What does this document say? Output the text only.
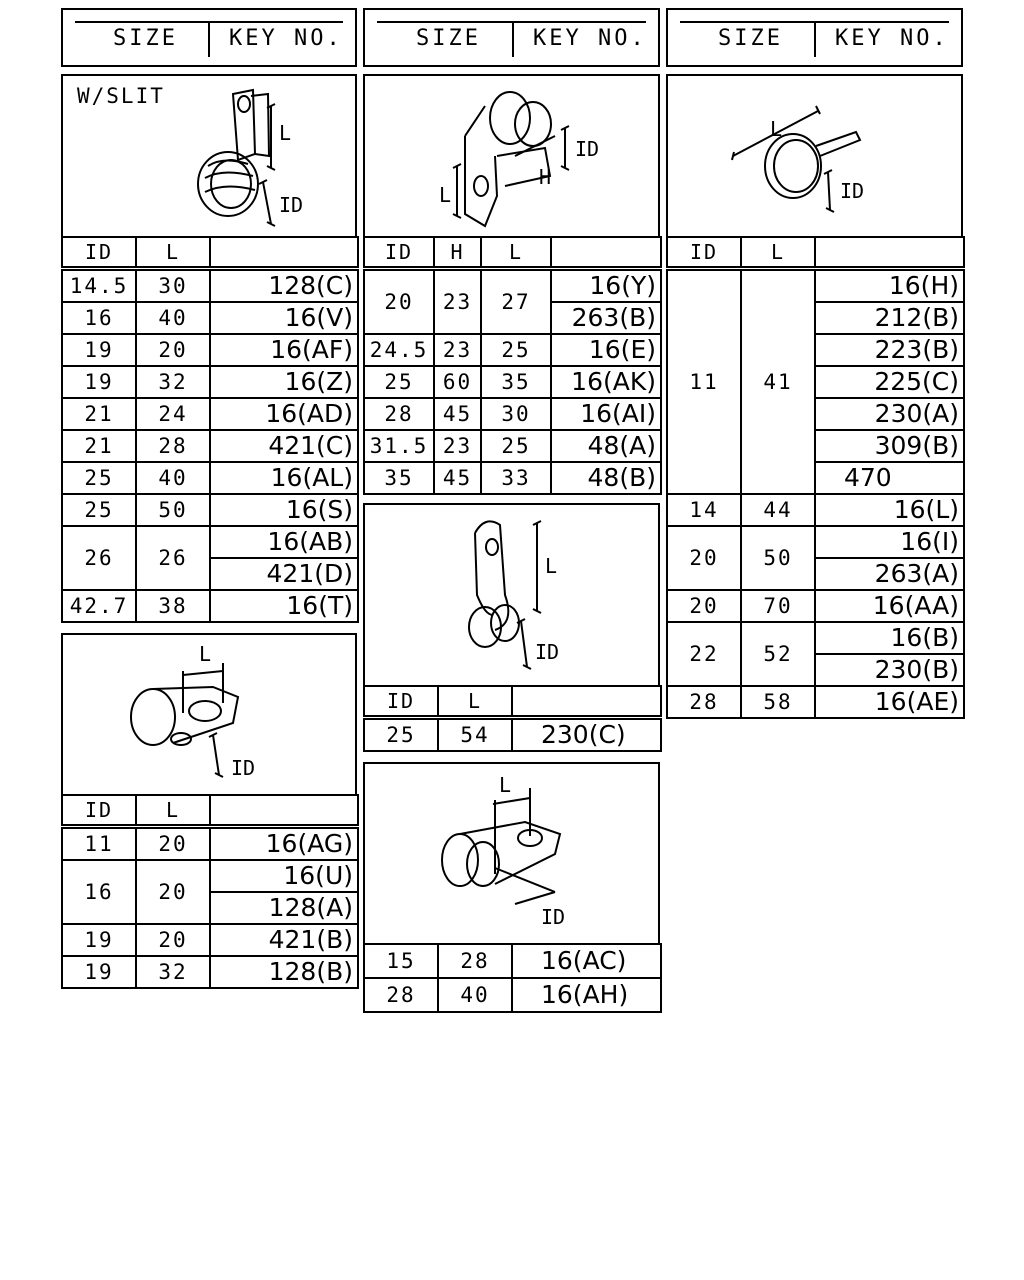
SIZE KEY NO.	SIZE KEY NO.	SIZE KEY NO.
W/SLIT
L
ID
ID
H
L
L
ID
ID	L	
14.5	30	128(C)
16	40	16(V)
19	20	16(AF)
19	32	16(Z)
21	24	16(AD)
21	28	421(C)
25	40	16(AL)
25	50	16(S)
26	26	16(AB)
		421(D)
42.7	38	16(T)
L
ID
ID	L	
11	20	16(AG)
16	20	16(U)
		128(A)
19	20	421(B)
19	32	128(B)
ID	H	L	
20	23	27	16(Y)
			263(B)
24.5	23	25	16(E)
25	60	35	16(AK)
28	45	30	16(AI)
31.5	23	25	48(A)
35	45	33	48(B)
L
ID
ID	L	
25	54	230(C)
L
ID
15	28	16(AC)
28	40	16(AH)
ID	L	
11	41	16(H)
		212(B)
		223(B)
		225(C)
		230(A)
		309(B)
		470
14	44	16(L)
20	50	16(I)
		263(A)
20	70	16(AA)
22	52	16(B)
		230(B)
28	58	16(AE)
